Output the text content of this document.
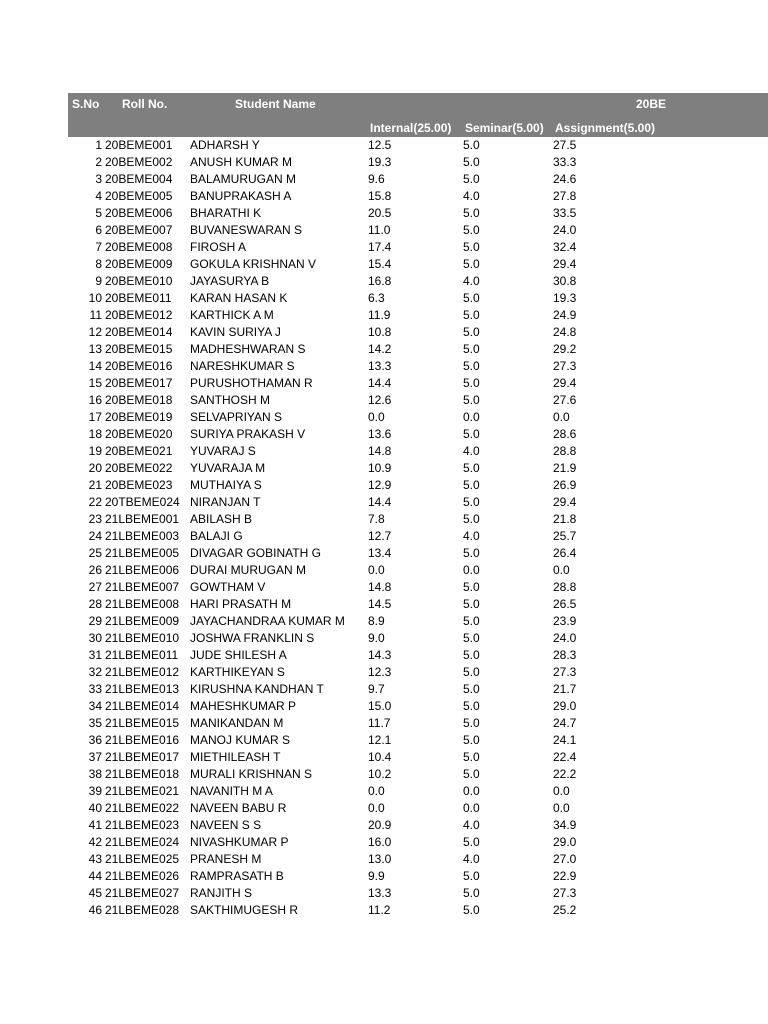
S.No Roll No.	Student Name	20BE
Internal(25.00) Seminar(5.00) Assignment(5.00)
1 20BEME001 ADHARSH Y	12.5	5.0	27.5
2 20BEME002 ANUSH KUMAR M	19.3	5.0	33.3
3 20BEME004 BALAMURUGAN M	9.6	5.0	24.6
4 20BEME005 BANUPRAKASH A	15.8	4.0	27.8
5 20BEME006 BHARATHI K	20.5	5.0	33.5
6 20BEME007 BUVANESWARAN S	11.0	5.0	24.0
7 20BEME008 FIROSH A	17.4	5.0	32.4
8 20BEME009 GOKULA KRISHNAN V	15.4	5.0	29.4
9 20BEME010 JAYASURYA B	16.8	4.0	30.8
10 20BEME011 KARAN HASAN K	6.3	5.0	19.3
11 20BEME012 KARTHICK A M	11.9	5.0	24.9
12 20BEME014 KAVIN SURIYA J	10.8	5.0	24.8
13 20BEME015 MADHESHWARAN S	14.2	5.0	29.2
14 20BEME016 NARESHKUMAR S	13.3	5.0	27.3
15 20BEME017 PURUSHOTHAMAN R	14.4	5.0	29.4
16 20BEME018 SANTHOSH M	12.6	5.0	27.6
17 20BEME019 SELVAPRIYAN S	0.0	0.0	0.0
18 20BEME020 SURIYA PRAKASH V	13.6	5.0	28.6
19 20BEME021 YUVARAJ S	14.8	4.0	28.8
20 20BEME022 YUVARAJA M	10.9	5.0	21.9
21 20BEME023 MUTHAIYA S	12.9	5.0	26.9
22 20TBEME024 NIRANJAN T	14.4	5.0	29.4
23 21LBEME001 ABILASH B	7.8	5.0	21.8
24 21LBEME003 BALAJI G	12.7	4.0	25.7
25 21LBEME005 DIVAGAR GOBINATH G	13.4	5.0	26.4
26 21LBEME006 DURAI MURUGAN M	0.0	0.0	0.0
27 21LBEME007 GOWTHAM V	14.8	5.0	28.8
28 21LBEME008 HARI PRASATH M	14.5	5.0	26.5
29 21LBEME009 JAYACHANDRAA KUMAR M 8.9	5.0	23.9
30 21LBEME010 JOSHWA FRANKLIN S	9.0	5.0	24.0
31 21LBEME011 JUDE SHILESH A	14.3	5.0	28.3
32 21LBEME012 KARTHIKEYAN S	12.3	5.0	27.3
33 21LBEME013 KIRUSHNA KANDHAN T	9.7	5.0	21.7
34 21LBEME014 MAHESHKUMAR P	15.0	5.0	29.0
35 21LBEME015 MANIKANDAN M	11.7	5.0	24.7
36 21LBEME016 MANOJ KUMAR S	12.1	5.0	24.1
37 21LBEME017 MIETHILEASH T	10.4	5.0	22.4
38 21LBEME018 MURALI KRISHNAN S	10.2	5.0	22.2
39 21LBEME021 NAVANITH M A	0.0	0.0	0.0
40 21LBEME022 NAVEEN BABU R	0.0	0.0	0.0
41 21LBEME023 NAVEEN S S	20.9	4.0	34.9
42 21LBEME024 NIVASHKUMAR P	16.0	5.0	29.0
43 21LBEME025 PRANESH M	13.0	4.0	27.0
44 21LBEME026 RAMPRASATH B	9.9	5.0	22.9
45 21LBEME027 RANJITH S	13.3	5.0	27.3
46 21LBEME028 SAKTHIMUGESH R	11.2	5.0	25.2
